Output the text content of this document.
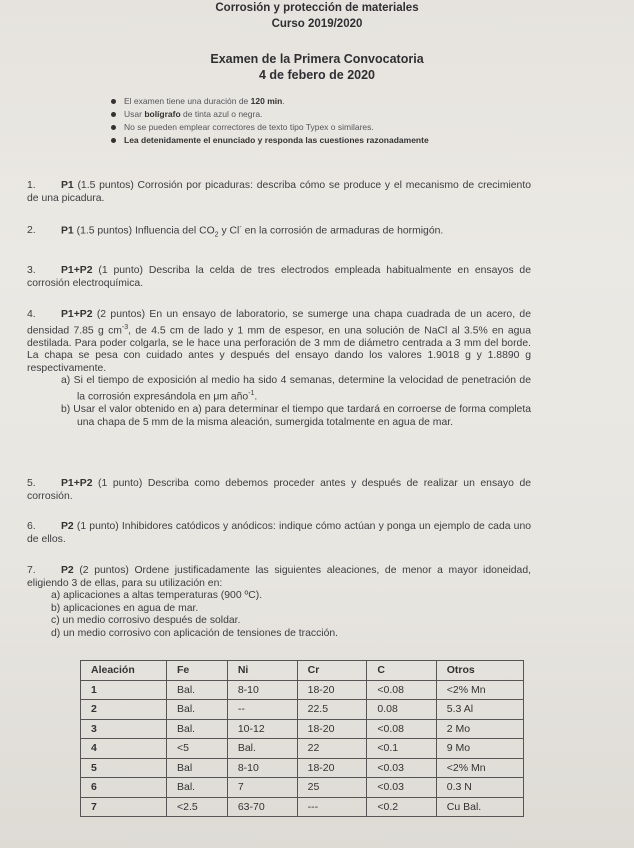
Corrosión y protección de materiales
Curso 2019/2020
Examen de la Primera Convocatoria
4 de febero de 2020
El examen tiene una duración de 120 min.
Usar bolígrafo de tinta azul o negra.
No se pueden emplear correctores de texto tipo Typex o similares.
Lea detenidamente el enunciado y responda las cuestiones razonadamente
1. P1 (1.5 puntos) Corrosión por picaduras: describa cómo se produce y el mecanismo de crecimiento de una picadura.
2. P1 (1.5 puntos) Influencia del $CO_2$ y Cl- en la corrosión de armaduras de hormigón.
3. P1+P2 (1 punto) Describa la celda de tres electrodos empleada habitualmente en ensayos de corrosión electroquímica.
4. P1+P2 (2 puntos) En un ensayo de laboratorio, se sumerge una chapa cuadrada de un acero, de densidad 7.85 g $cm^{-3}$, de 4.5 cm de lado y 1 mm de espesor, en una solución de NaCl al 3.5% en agua destilada. Para poder colgarla, se le hace una perforación de 3 mm de diámetro centrada a 3 mm del borde. La chapa se pesa con cuidado antes y después del ensayo dando los valores 1.9018 g y 1.8890 g respectivamente.
a) Si el tiempo de exposición al medio ha sido 4 semanas, determine la velocidad de penetración de la corrosión expresándola en μm año$^{-1}$.
b) Usar el valor obtenido en a) para determinar el tiempo que tardará en corroerse de forma completa una chapa de 5 mm de la misma aleación, sumergida totalmente en agua de mar.
5. P1+P2 (1 punto) Describa como debemos proceder antes y después de realizar un ensayo de corrosión.
6. P2 (1 punto) Inhibidores catódicos y anódicos: indique cómo actúan y ponga un ejemplo de cada uno de ellos.
7. P2 (2 puntos) Ordene justificadamente las siguientes aleaciones, de menor a mayor idoneidad, eligiendo 3 de ellas, para su utilización en:
a) aplicaciones a altas temperaturas (900 ºC).
b) aplicaciones en agua de mar.
c) un medio corrosivo después de soldar.
d) un medio corrosivo con aplicación de tensiones de tracción.
Aleación	Fe	Ni	Cr	C	Otros
1	Bal.	8-10	18-20	<0.08	<2% Mn
2	Bal.	--	22.5	0.08	5.3 Al
3	Bal.	10-12	18-20	<0.08	2 Mo
4	<5	Bal.	22	<0.1	9 Mo
5	Bal	8-10	18-20	<0.03	<2% Mn
6	Bal.	7	25	<0.03	0.3 N
7	<2.5	63-70	---	<0.2	Cu Bal.
